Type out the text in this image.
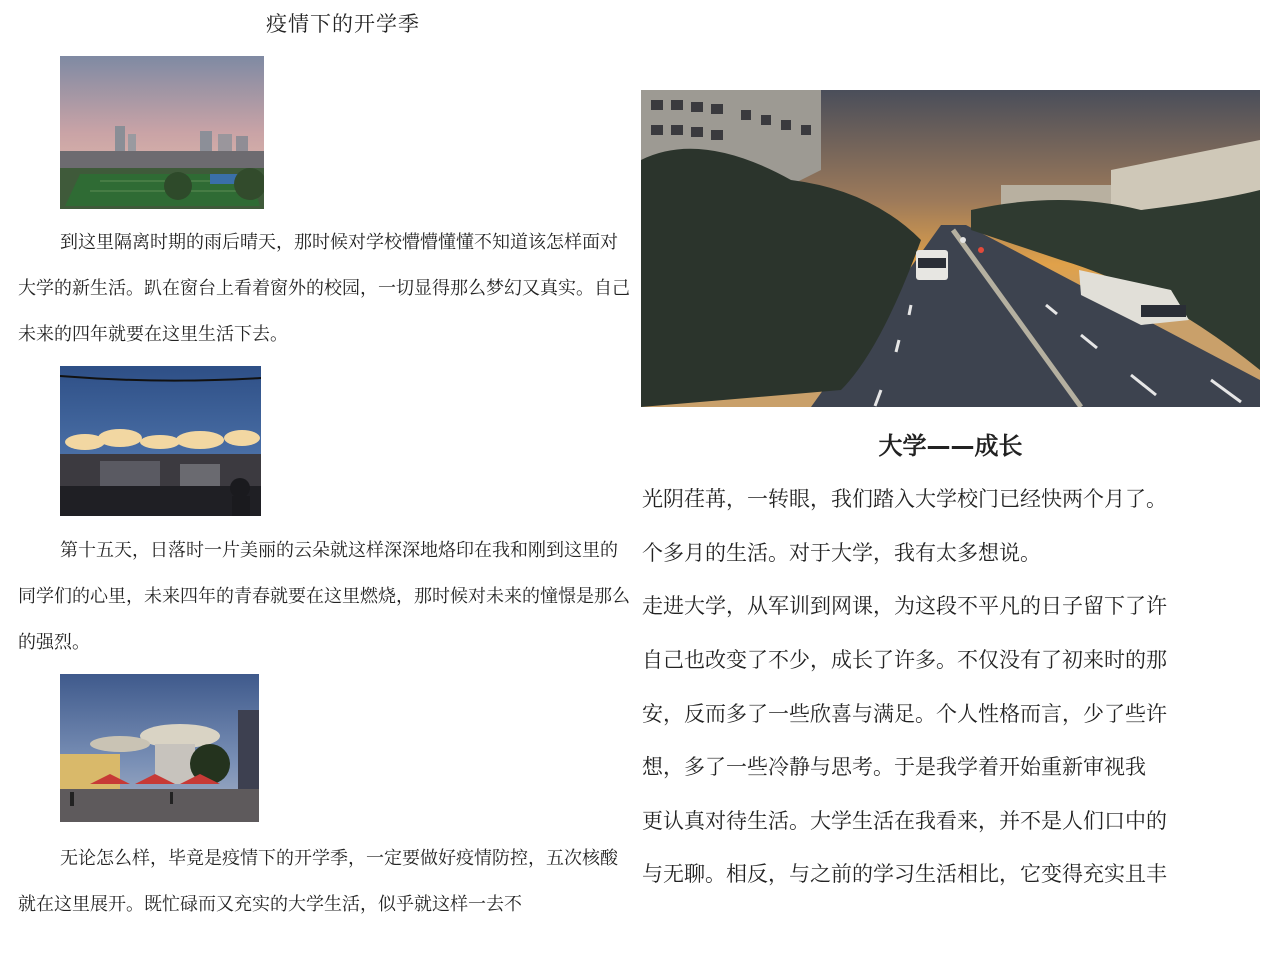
疫情下的开学季

到这里隔离时期的雨后晴天，那时候对学校懵懵懂懂不知道该怎样面对大学的新生活。趴在窗台上看着窗外的校园，一切显得那么梦幻又真实。自己未来的四年就要在这里生活下去。

第十五天，日落时一片美丽的云朵就这样深深地烙印在我和刚到这里的同学们的心里，未来四年的青春就要在这里燃烧，那时候对未来的憧憬是那么的强烈。

无论怎么样，毕竟是疫情下的开学季，一定要做好疫情防控，五次核酸就在这里展开。既忙碌而又充实的大学生活，似乎就这样一去不

大学——成长
光阴荏苒，一转眼，我们踏入大学校门已经快两个月了。
个多月的生活。对于大学，我有太多想说。
走进大学，从军训到网课，为这段不平凡的日子留下了许
自己也改变了不少，成长了许多。不仅没有了初来时的那
安，反而多了一些欣喜与满足。个人性格而言，少了些许
想，多了一些冷静与思考。于是我学着开始重新审视我
更认真对待生活。大学生活在我看来，并不是人们口中的
与无聊。相反，与之前的学习生活相比，它变得充实且丰
